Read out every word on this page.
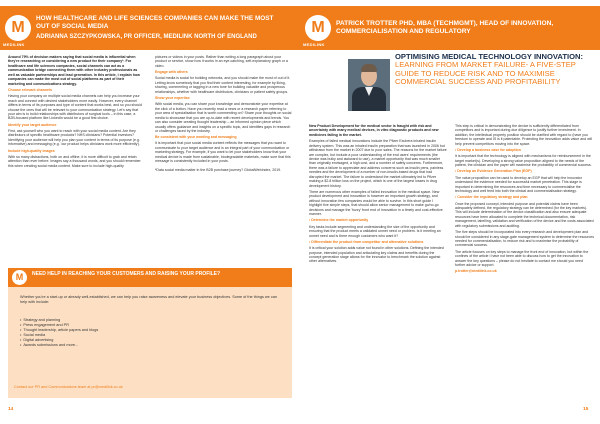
M
MEDILINK
HOW HEALTHCARE AND LIFE SCIENCES COMPANIES CAN MAKE THE MOST OUT OF SOCIAL MEDIA
ADRIANNA SZCZYPKOWSKA, PR OFFICER, MEDILINK NORTH OF ENGLAND

Around 79% of decision makers saying that social media is influential when they're researching or considering a new product for their company*. For healthcare and life sciences companies, social channels can act as a communication bridge connecting them with other industry professionals as well as valuable partnerships and lead generation. In this article, I explain how companies can make the most out of social platforms as part of their marketing and communications strategy.

Choose relevant channels

Having your company on multiple social media channels can help you increase your reach and connect with desired stakeholders more easily. However, every channel differs in terms of its purposes and type of content that works best, and so you should choose the ones that will be relevant to your communication strategy. Let's say that your aim is to build relationships with distributors of surgical tools – in this case, a B2B-focused platform like LinkedIn would be a good first choice.

Identify your target audience

First, ask yourself who you want to reach with your social media content. Are they distributors of specific healthcare products? NHS clinicians? Potential investors? Identifying your audience will help you plan your content in terms of its purpose (e.g. informative) and messaging (e.g. 'our product helps clinicians work more efficiently').

Include high-quality images

With so many distractions, both on and offline, it is more difficult to grab and retain attention than ever before. Images say a thousand words, and you should remember this when creating social media content. Make sure to include high-quality

pictures or videos in your posts. Rather than writing a long paragraph about your product or service, show how it works in an eye-catching, self-explanatory graph or a video.

Engage with others

Social media is social for building networks, and you should make the most of out of it. Letting know somebody that you find their content interesting, for example by liking, sharing, commenting or tagging in a new tone for building valuable and prosperous relationships, whether with healthcare distributors, clinicians or patient safety groups.

Show your expertise

With social media, you can share your knowledge and demonstrate your expertise at the click of a button. Have you recently read a news or a research paper referring to your area of specialisation that is worth commenting on? Share your thoughts on social media to showcase that you are up-to-date with recent developments and trends. You can also consider creating thought leadership – an informed opinion piece which usually offers guidance and insights on a specific topic, and identifies gaps in research or challenges faced by the industry.

Be consistent with your wording and messaging

It is important that your social media content reflects the messages that you want to communicate to your target audience and is an integral part of your communication or marketing strategy. For example, if you want to let your stakeholders know that your medical device is made from sustainable, biodegradable materials, make sure that this message is consistently included in your posts.

*Data social media matter in the B2B purchase journey? GlobalWebIndex, 2019.

M	NEED HELP IN REACHING YOUR CUSTOMERS AND RAISING YOUR PROFILE?
Whether you're a start-up or already well-established, we can help you raise awareness and elevate your business objectives. Some of the things we can help with include:
• Strategy and planning
• Press engagement and PR
• Thought leadership, article papers and blogs
• Social media
• Digital advertising
• Awards submissions and more...
Contact our PR and Communications team at pr@medilink.co.uk
14
M
MEDILINK
PATRICK TROTTER PHD, MBA (TECHMGMT), HEAD OF INNOVATION, COMMERCIALISATION AND REGULATORY
OPTIMISING MEDICAL TECHNOLOGY INNOVATION: LEARNING FROM MARKET FAILURE- A FIVE-STEP GUIDE TO REDUCE RISK AND TO MAXIMISE COMMERCIAL SUCCESS AND PROFITABILITY

New Product Development for the medical sector is fraught with risk and uncertainty with many medical devices, in vitro diagnostic products and new medicines failing in the market.

Examples of failed medical innovations include the Pfizer Exubera inhaled insulin delivery system. This was an inhaled insulin preparation that was launched in 2006 but withdrawn from the market in 2007 due to poor sales. The reasons for the market failure are complex, but include a poor understanding of the end users' requirements (the device was bulky and awkward to use), a market opportunity that was much smaller than originally envisaged, a high cost, and a number of safety concerns. Furthermore, there was a failure to appreciate and address concerns such as insulin pens, painless needles and the development of a number of non-insulin-based drugs that had disrupted the market. The failure to understand the market ultimately led to Pfizer making a $2.8 billion loss on the project, which is one of the largest losses in drug development history.

There are numerous other examples of failed innovation in the medical space. New product development and innovation is however an important growth strategy, and without innovation few companies would be able to survive. In this short guide I highlight five simple steps, that should allow senior management to make go/no-go decisions and manage the 'fuzzy' front end of innovation in a timely and cost-effective manner.

• Determine the market opportunity

Key tasks include segmenting and understanding the size of the opportunity and ensuring that the product meets a validated unmet need or problem. Is it meeting an unmet need and is there enough customers who want it?

• Differentiate the product from competitor and alternative solutions

It is critical your solution adds value not found in other solutions. Defining the intended purpose, intended population and articulating key claims and benefits during the concept generation stage allows for the innovator to benchmark the solution against other alternatives.

This step is critical in demonstrating the device is sufficiently differentiated from competitors and is important during due diligence to justify further investment. In addition, the intellectual property position should be clarified with regard to (have you freedom to operate and IS is it patentable. Protecting the innovation adds value and will help prevent competitors moving into the space.

• Develop a business case for adoption

It is important that the technology is aligned with mechanisms for reimbursement in the target market(s). Developing a strong value proposition aligned to the needs of the patient, the clinician and the payer will maximise the probability of commercial success.

• Develop an Evidence Generation Plan (EGP)

The value proposition can be used to develop an EGP that will help the innovator understand the evidence needed for successful market penetration. This stage is important in determining the resources and time necessary to commercialise the technology and well feed into both the clinical and commercialisation strategy.

• Consider the regulatory strategy and plan

Once the proposed concept, intended purpose and potential claims have been adequately defined, the regulatory strategy can be determined (for the key markets). This will include determination of the device classification and also ensure adequate resources have been allocated to complete the technical documentation, risk management, labelling, validation and verification of the device and the costs associated with regulatory submissions and auditing.

The five steps should be incorporated into every research and development plan and should be considered in any stage-gate management system to determine the resources needed for commercialisation, to reduce risk and to maximise the probability of commercial success.

The article focuses on key steps to manage the front end of innovation, but within the confines of the article I have not been able to discuss how to get the innovation to answer the key questions – please do not hesitate to contact me should you need further advice or support.

p.trotter@medilink.co.uk

15
